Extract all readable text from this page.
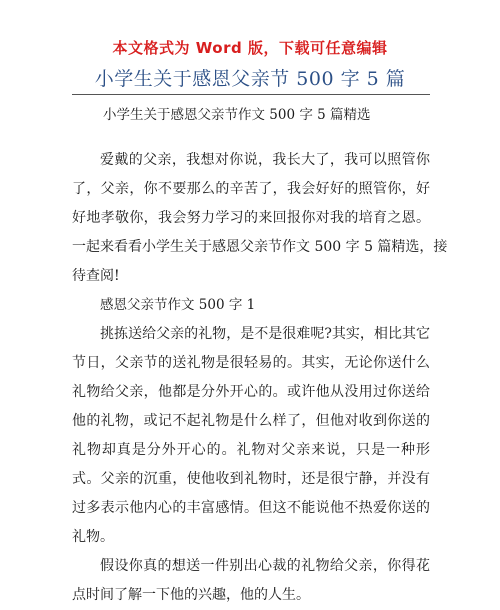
本文格式为 Word 版，下载可任意编辑

小学生关于感恩父亲节 500 字 5 篇

小学生关于感恩父亲节作文 500 字 5 篇精选

爱戴的父亲，我想对你说，我长大了，我可以照管你
了，父亲，你不要那么的辛苦了，我会好好的照管你，好
好地孝敬你，我会努力学习的来回报你对我的培育之恩。
一起来看看小学生关于感恩父亲节作文 500 字 5 篇精选，接
待查阅!
感恩父亲节作文 500 字 1
挑拣送给父亲的礼物，是不是很难呢?其实，相比其它
节日，父亲节的送礼物是很轻易的。其实，无论你送什么
礼物给父亲，他都是分外开心的。或许他从没用过你送给
他的礼物，或记不起礼物是什么样了，但他对收到你送的
礼物却真是分外开心的。礼物对父亲来说，只是一种形
式。父亲的沉重，使他收到礼物时，还是很宁静，并没有
过多表示他内心的丰富感情。但这不能说他不热爱你送的
礼物。
假设你真的想送一件别出心裁的礼物给父亲，你得花
点时间了解一下他的兴趣，他的人生。
